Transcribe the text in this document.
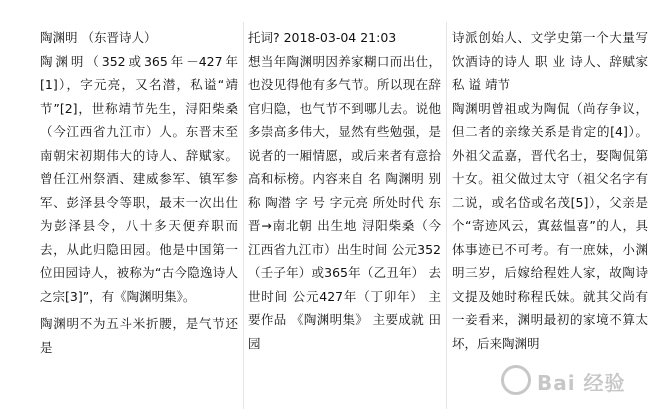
陶渊明 （东晋诗人）

陶渊明（352或365年－427年[1]），字元亮，又名潜，私谥“靖节”[2]，世称靖节先生，浔阳柴桑（今江西省九江市）人。东晋末至南朝宋初期伟大的诗人、辞赋家。曾任江州祭酒、建威参军、镇军参军、彭泽县令等职，最末一次出仕为彭泽县令，八十多天便弃职而去，从此归隐田园。他是中国第一位田园诗人，被称为“古今隐逸诗人之宗[3]”，有《陶渊明集》。

陶渊明不为五斗米折腰，是气节还是

托词? 2018-03-04 21:03

想当年陶渊明因养家糊口而出仕，也没见得他有多气节。所以现在辞官归隐，也气节不到哪儿去。说他多崇高多伟大，显然有些勉强，是说者的一厢情愿，或后来者有意拾高和标榜。内容来自 名 陶渊明 别 称 陶潜 字 号 字元亮 所处时代 东晋→南北朝 出生地 浔阳柴桑（今江西省九江市）出生时间 公元352（壬子年）或365年（乙丑年） 去世时间 公元427年（丁卯年） 主要作品 《陶渊明集》 主要成就 田园

诗派创始人、文学史第一个大量写饮酒诗的诗人 职 业 诗人、辞赋家 私 谥 靖节

陶渊明曾祖或为陶侃（尚存争议，但二者的亲缘关系是肯定的[4]）。外祖父孟嘉，晋代名士，娶陶侃第十女。祖父做过太守（祖父名字有二说，或名岱或名茂[5]），父亲是个“寄迹风云，寘兹愠喜”的人，具体事迹已不可考。有一庶妹，小渊明三岁，后嫁给程姓人家，故陶诗文提及她时称程氏妹。就其父尚有一妾看来，渊明最初的家境不算太坏，后来陶渊明

Bai 经验
